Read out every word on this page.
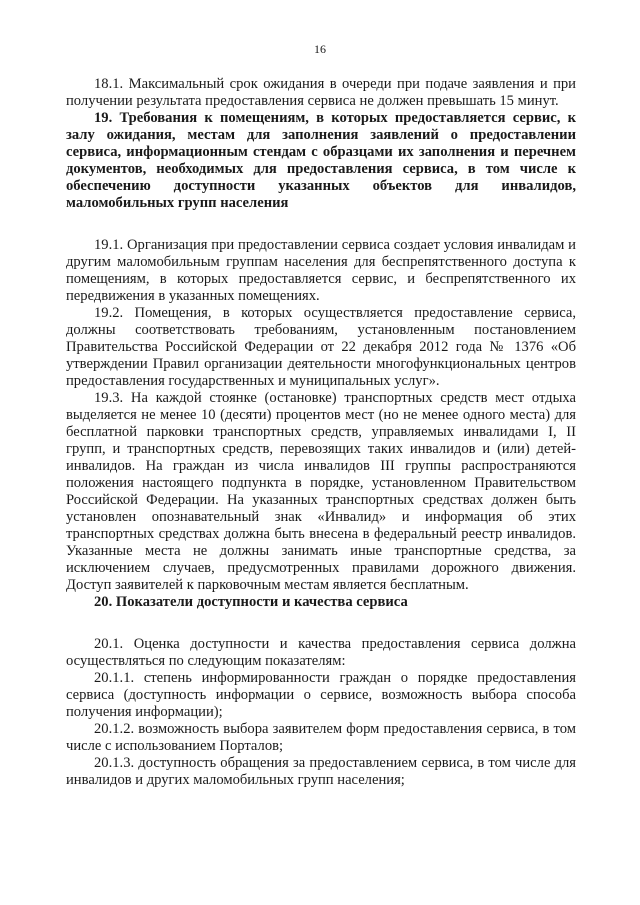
16

18.1. Максимальный срок ожидания в очереди при подаче заявления и при получении результата предоставления сервиса не должен превышать 15 минут.

19. Требования к помещениям, в которых предоставляется сервис, к залу ожидания, местам для заполнения заявлений о предоставлении сервиса, информационным стендам с образцами их заполнения и перечнем документов, необходимых для предоставления сервиса, в том числе к обеспечению доступности указанных объектов для инвалидов, маломобильных групп населения

19.1. Организация при предоставлении сервиса создает условия инвалидам и другим маломобильным группам населения для беспрепятственного доступа к помещениям, в которых предоставляется сервис, и беспрепятственного их передвижения в указанных помещениях.

19.2. Помещения, в которых осуществляется предоставление сервиса, должны соответствовать требованиям, установленным постановлением Правительства Российской Федерации от 22 декабря 2012 года № 1376 «Об утверждении Правил организации деятельности многофункциональных центров предоставления государственных и муниципальных услуг».

19.3. На каждой стоянке (остановке) транспортных средств мест отдыха выделяется не менее 10 (десяти) процентов мест (но не менее одного места) для бесплатной парковки транспортных средств, управляемых инвалидами I, II групп, и транспортных средств, перевозящих таких инвалидов и (или) детей-инвалидов. На граждан из числа инвалидов III группы распространяются положения настоящего подпункта в порядке, установленном Правительством Российской Федерации. На указанных транспортных средствах должен быть установлен опознавательный знак «Инвалид» и информация об этих транспортных средствах должна быть внесена в федеральный реестр инвалидов. Указанные места не должны занимать иные транспортные средства, за исключением случаев, предусмотренных правилами дорожного движения. Доступ заявителей к парковочным местам является бесплатным.

20. Показатели доступности и качества сервиса

20.1. Оценка доступности и качества предоставления сервиса должна осуществляться по следующим показателям:

20.1.1. степень информированности граждан о порядке предоставления сервиса (доступность информации о сервисе, возможность выбора способа получения информации);

20.1.2. возможность выбора заявителем форм предоставления сервиса, в том числе с использованием Порталов;

20.1.3. доступность обращения за предоставлением сервиса, в том числе для инвалидов и других маломобильных групп населения;
